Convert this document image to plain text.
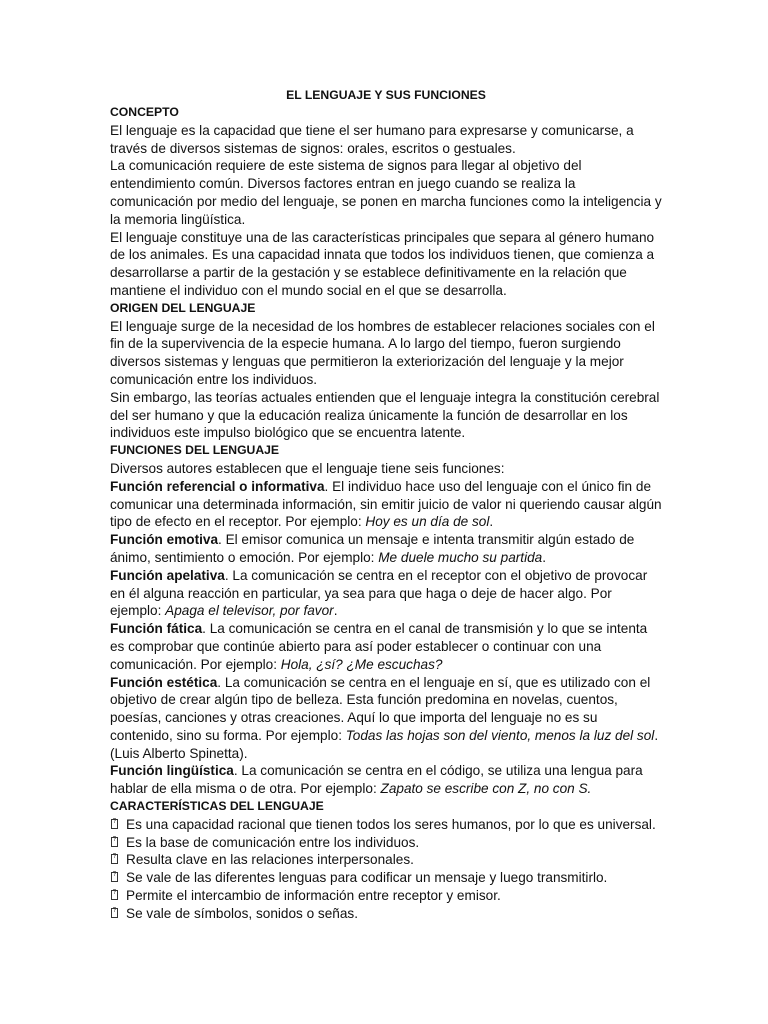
EL LENGUAJE Y SUS FUNCIONES
CONCEPTO

El lenguaje es la capacidad que tiene el ser humano para expresarse y comunicarse, a través de diversos sistemas de signos: orales, escritos o gestuales.

La comunicación requiere de este sistema de signos para llegar al objetivo del entendimiento común. Diversos factores entran en juego cuando se realiza la comunicación por medio del lenguaje, se ponen en marcha funciones como la inteligencia y la memoria lingüística.

El lenguaje constituye una de las características principales que separa al género humano de los animales. Es una capacidad innata que todos los individuos tienen, que comienza a desarrollarse a partir de la gestación y se establece definitivamente en la relación que mantiene el individuo con el mundo social en el que se desarrolla.

ORIGEN DEL LENGUAJE

El lenguaje surge de la necesidad de los hombres de establecer relaciones sociales con el fin de la supervivencia de la especie humana. A lo largo del tiempo, fueron surgiendo diversos sistemas y lenguas que permitieron la exteriorización del lenguaje y la mejor comunicación entre los individuos.

Sin embargo, las teorías actuales entienden que el lenguaje integra la constitución cerebral del ser humano y que la educación realiza únicamente la función de desarrollar en los individuos este impulso biológico que se encuentra latente.

FUNCIONES DEL LENGUAJE

Diversos autores establecen que el lenguaje tiene seis funciones:

Función referencial o informativa. El individuo hace uso del lenguaje con el único fin de comunicar una determinada información, sin emitir juicio de valor ni queriendo causar algún tipo de efecto en el receptor. Por ejemplo: Hoy es un día de sol.

Función emotiva. El emisor comunica un mensaje e intenta transmitir algún estado de ánimo, sentimiento o emoción. Por ejemplo: Me duele mucho su partida.

Función apelativa. La comunicación se centra en el receptor con el objetivo de provocar en él alguna reacción en particular, ya sea para que haga o deje de hacer algo. Por ejemplo: Apaga el televisor, por favor.

Función fática. La comunicación se centra en el canal de transmisión y lo que se intenta es comprobar que continúe abierto para así poder establecer o continuar con una comunicación. Por ejemplo: Hola, ¿sí? ¿Me escuchas?

Función estética. La comunicación se centra en el lenguaje en sí, que es utilizado con el objetivo de crear algún tipo de belleza. Esta función predomina en novelas, cuentos, poesías, canciones y otras creaciones. Aquí lo que importa del lenguaje no es su contenido, sino su forma. Por ejemplo: Todas las hojas son del viento, menos la luz del sol. (Luis Alberto Spinetta).

Función lingüística. La comunicación se centra en el código, se utiliza una lengua para hablar de ella misma o de otra. Por ejemplo: Zapato se escribe con Z, no con S.

CARACTERÍSTICAS DEL LENGUAJE
?
Es una capacidad racional que tienen todos los seres humanos, por lo que es universal.
?
Es la base de comunicación entre los individuos.
?
Resulta clave en las relaciones interpersonales.
?
Se vale de las diferentes lenguas para codificar un mensaje y luego transmitirlo.
?
Permite el intercambio de información entre receptor y emisor.
?
Se vale de símbolos, sonidos o señas.
